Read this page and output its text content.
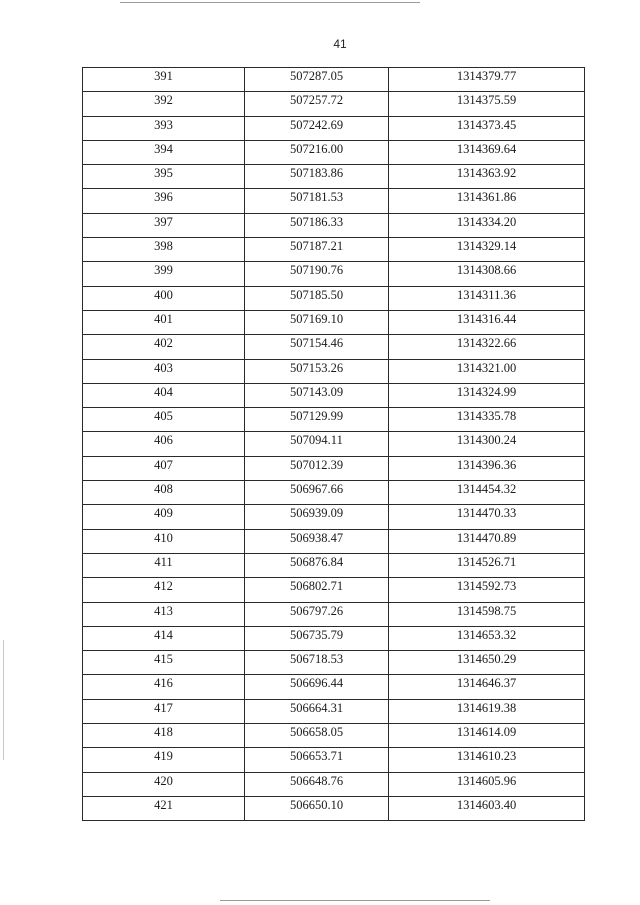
41
391	507287.05	1314379.77
392	507257.72	1314375.59
393	507242.69	1314373.45
394	507216.00	1314369.64
395	507183.86	1314363.92
396	507181.53	1314361.86
397	507186.33	1314334.20
398	507187.21	1314329.14
399	507190.76	1314308.66
400	507185.50	1314311.36
401	507169.10	1314316.44
402	507154.46	1314322.66
403	507153.26	1314321.00
404	507143.09	1314324.99
405	507129.99	1314335.78
406	507094.11	1314300.24
407	507012.39	1314396.36
408	506967.66	1314454.32
409	506939.09	1314470.33
410	506938.47	1314470.89
411	506876.84	1314526.71
412	506802.71	1314592.73
413	506797.26	1314598.75
414	506735.79	1314653.32
415	506718.53	1314650.29
416	506696.44	1314646.37
417	506664.31	1314619.38
418	506658.05	1314614.09
419	506653.71	1314610.23
420	506648.76	1314605.96
421	506650.10	1314603.40
